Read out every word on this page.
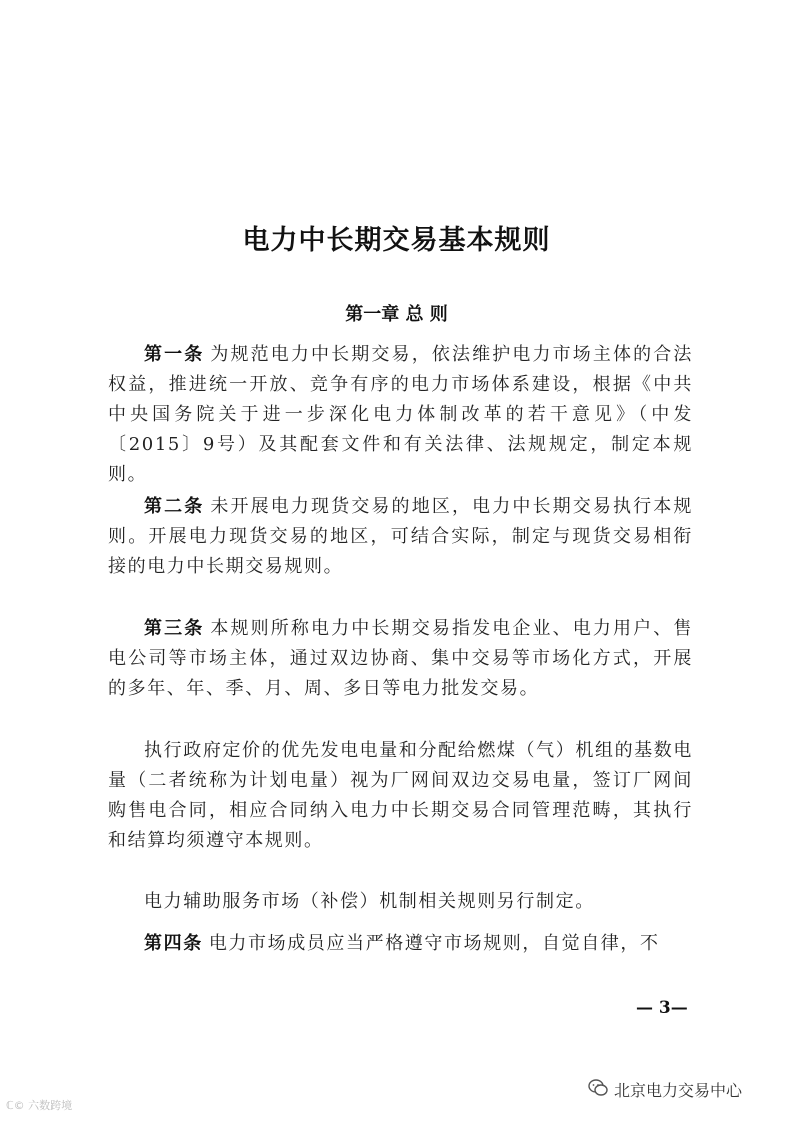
电力中长期交易基本规则
第一章 总 则

第一条 为规范电力中长期交易，依法维护电力市场主体的合法权益，推进统一开放、竞争有序的电力市场体系建设，根据《中共中央国务院关于进一步深化电力体制改革的若干意见》（中发〔2015〕9号）及其配套文件和有关法律、法规规定，制定本规则。

第二条 未开展电力现货交易的地区，电力中长期交易执行本规则。开展电力现货交易的地区，可结合实际，制定与现货交易相衔接的电力中长期交易规则。

第三条 本规则所称电力中长期交易指发电企业、电力用户、售电公司等市场主体，通过双边协商、集中交易等市场化方式，开展的多年、年、季、月、周、多日等电力批发交易。

执行政府定价的优先发电电量和分配给燃煤（气）机组的基数电量（二者统称为计划电量）视为厂网间双边交易电量，签订厂网间购售电合同，相应合同纳入电力中长期交易合同管理范畴，其执行和结算均须遵守本规则。

电力辅助服务市场（补偿）机制相关规则另行制定。

第四条 电力市场成员应当严格遵守市场规则，自觉自律，不

— 3—
北京电力交易中心
ℂ© 六数跨境
